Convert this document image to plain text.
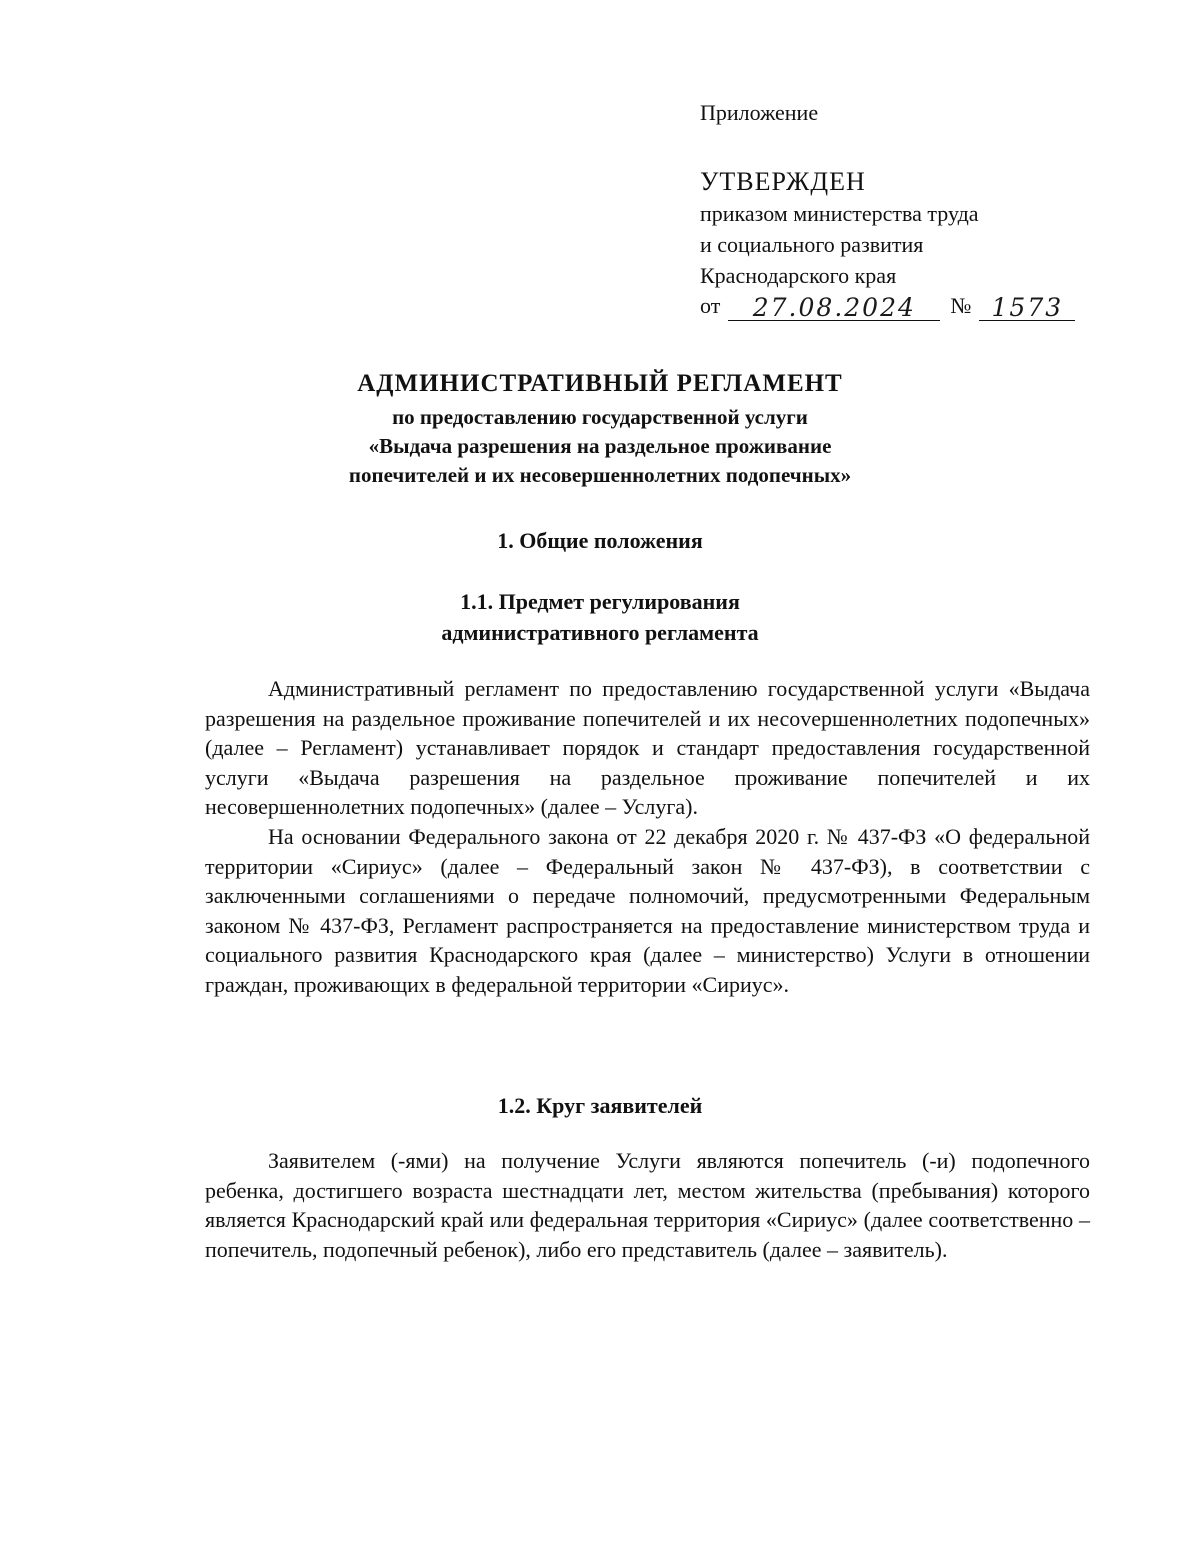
Приложение
УТВЕРЖДЕН
приказом министерства труда
и социального развития
Краснодарского края
от	27.08.2024	№ 1573
АДМИНИСТРАТИВНЫЙ РЕГЛАМЕНТ
по предоставлению государственной услуги
«Выдача разрешения на раздельное проживание
попечителей и их несовершеннолетних подопечных»
1. Общие положения
1.1. Предмет регулирования
административного регламента

Административный регламент по предоставлению государственной услуги «Выдача разрешения на раздельное проживание попечителей и их несоvершеннолетних подопечных» (далее – Регламент) устанавливает порядок и стандарт предоставления государственной услуги «Выдача разрешения на раздельное проживание попечителей и их несовершеннолетних подопечных» (далее – Услуга).

На основании Федерального закона от 22 декабря 2020 г. № 437-ФЗ «О федеральной территории «Сириус» (далее – Федеральный закон № 437-ФЗ), в соответствии с заключенными соглашениями о передаче полномочий, предусмотренными Федеральным законом № 437-ФЗ, Регламент распространяется на предоставление министерством труда и социального развития Краснодарского края (далее – министерство) Услуги в отношении граждан, проживающих в федеральной территории «Сириус».

1.2. Круг заявителей

Заявителем (-ями) на получение Услуги являются попечитель (-и) подопечного ребенка, достигшего возраста шестнадцати лет, местом жительства (пребывания) которого является Краснодарский край или федеральная территория «Сириус» (далее соответственно – попечитель, подопечный ребенок), либо его представитель (далее – заявитель).
